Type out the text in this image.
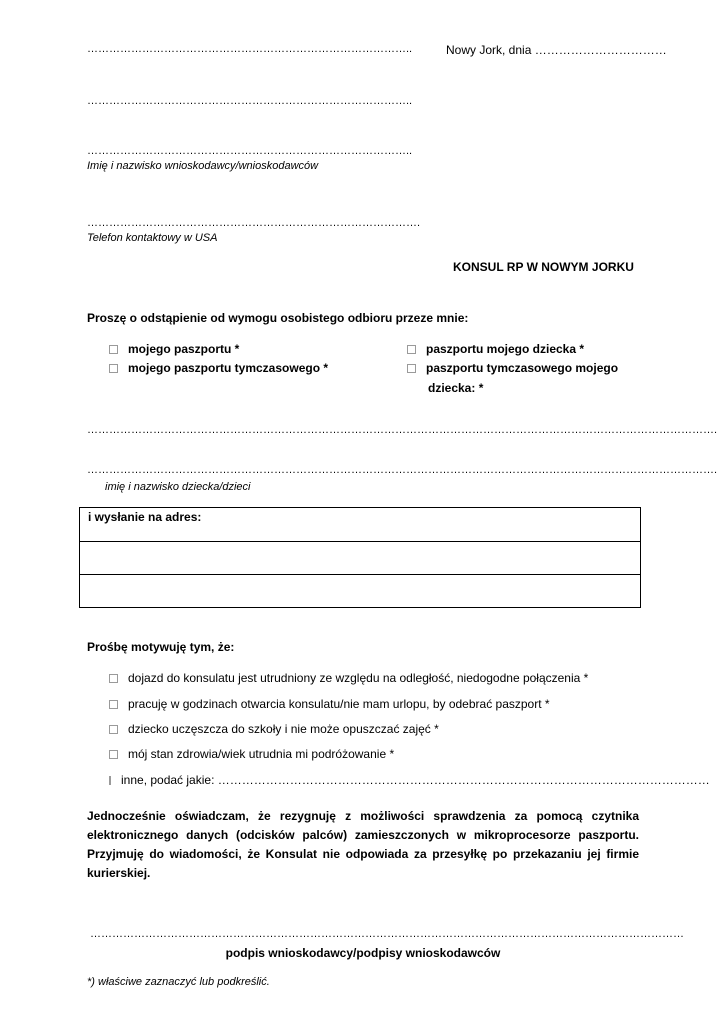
……………………………………………………………………………..	Nowy Jork, dnia ……………………………
……………………………………………………………………………..
……………………………………………………………………………..
Imię i nazwisko wnioskodawcy/wnioskodawców
……………………………………………………………………………….
Telefon kontaktowy w USA
KONSUL RP W NOWYM JORKU
Proszę o odstąpienie od wymogu osobistego odbioru przeze mnie:
mojego paszportu *
mojego paszportu tymczasowego *
paszportu mojego dziecka *
paszportu tymczasowego mojego
dziecka: *
……………………………………………………………………………………………………………………………………………………….
……………………………………………………………………………………………………………………………………………………….
imię i nazwisko dziecka/dzieci
i wysłanie na adres:
Prośbę motywuję tym, że:
dojazd do konsulatu jest utrudniony ze względu na odległość, niedogodne połączenia *
pracuję w godzinach otwarcia konsulatu/nie mam urlopu, by odebrać paszport *
dziecko uczęszcza do szkoły i nie może opuszczać zajęć *
mój stan zdrowia/wiek utrudnia mi podróżowanie *
inne, podać jakie: ……………………………………………………………………………………………………………
Jednocześnie oświadczam, że rezygnuję z możliwości sprawdzenia za pomocą czytnika elektronicznego danych (odcisków palców) zamieszczonych w mikroprocesorze paszportu. Przyjmuję do wiadomości, że Konsulat nie odpowiada za przesyłkę po przekazaniu jej firmie kurierskiej.
………………………………………………………………………………………………………………………………………………
podpis wnioskodawcy/podpisy wnioskodawców
*) właściwe zaznaczyć lub podkreślić.
